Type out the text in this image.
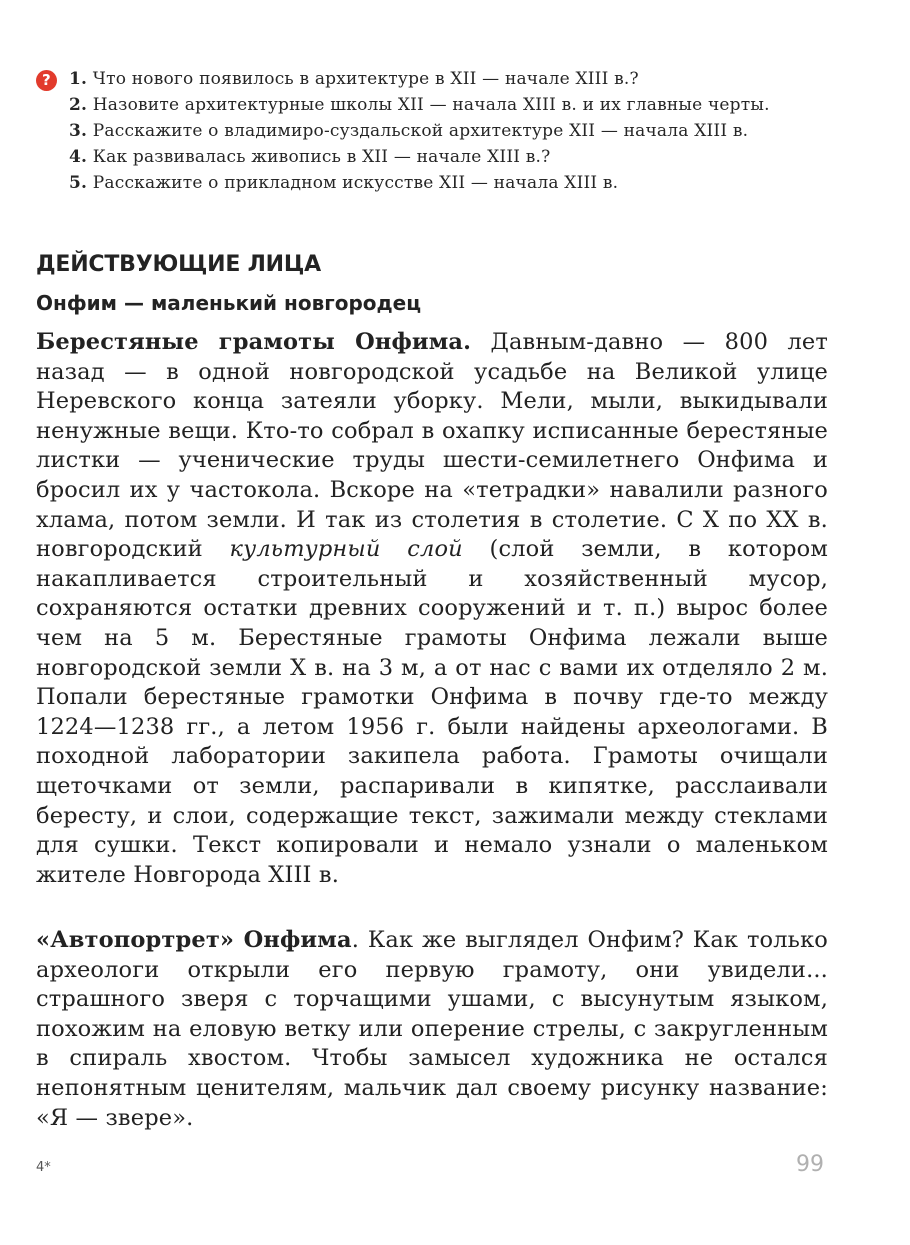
?	1. Что нового появилось в архитектуре в XII — начале XIII в.?
2. Назовите архитектурные школы XII — начала XIII в. и их главные черты.
3. Расскажите о владимиро-суздальской архитектуре XII — начала XIII в.
4. Как развивалась живопись в XII — начале XIII в.?
5. Расскажите о прикладном искусстве XII — начала XIII в.
ДЕЙСТВУЮЩИЕ ЛИЦА
Онфим — маленький новгородец

Берестяные грамоты Онфима. Давным-давно — 800 лет назад — в одной новгородской усадьбе на Великой улице Неревского конца затеяли уборку. Мели, мыли, выкидывали ненужные вещи. Кто-то собрал в охапку исписанные берестяные листки — ученические труды шести-семилетнего Онфима и бросил их у частокола. Вскоре на «тетрадки» навалили разного хлама, потом земли. И так из столетия в столетие. С X по XX в. новгородский культурный слой (слой земли, в котором накапливается строительный и хозяйственный мусор, сохраняются остатки древних сооружений и т. п.) вырос более чем на 5 м. Берестяные грамоты Онфима лежали выше новгородской земли X в. на 3 м, а от нас с вами их отделяло 2 м. Попали берестяные грамотки Онфима в почву где-то между 1224—1238 гг., а летом 1956 г. были найдены археологами. В походной лаборатории закипела работа. Грамоты очищали щеточками от земли, распаривали в кипятке, расслаивали бересту, и слои, содержащие текст, зажимали между стеклами для сушки. Текст копировали и немало узнали о маленьком жителе Новгорода XIII в.

«Автопортрет» Онфима. Как же выглядел Онфим? Как только археологи открыли его первую грамоту, они увидели... страшного зверя с торчащими ушами, с высунутым языком, похожим на еловую ветку или оперение стрелы, с закругленным в спираль хвостом. Чтобы замысел художника не остался непонятным ценителям, мальчик дал своему рисунку название: «Я — звере».

4*	99
